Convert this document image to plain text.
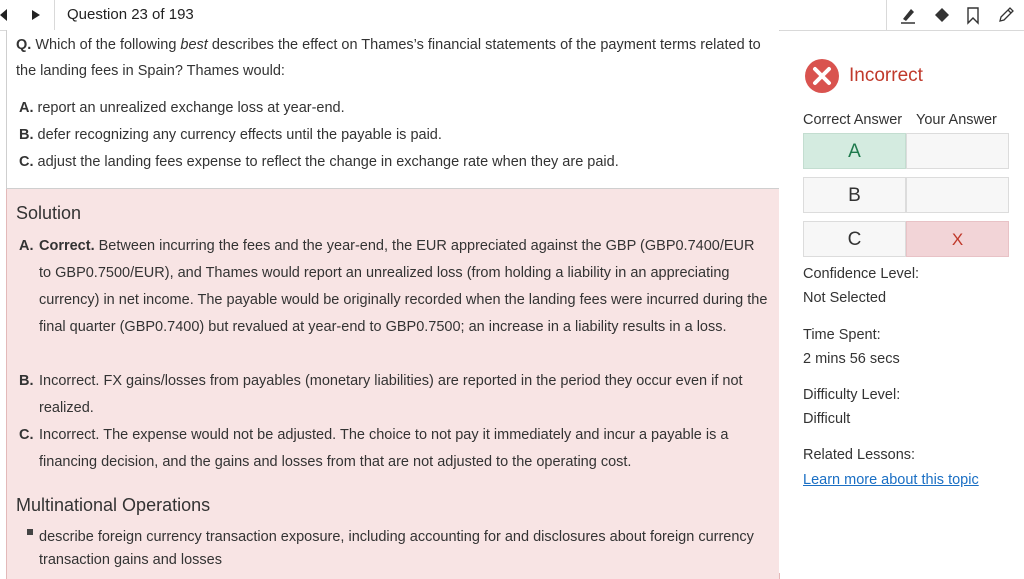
Question 23 of 193
Q. Which of the following best describes the effect on Thames’s financial statements of the payment terms related to the landing fees in Spain? Thames would:
A. report an unrealized exchange loss at year-end.
B. defer recognizing any currency effects until the payable is paid.
C. adjust the landing fees expense to reflect the change in exchange rate when they are paid.
Solution
A. Correct. Between incurring the fees and the year-end, the EUR appreciated against the GBP (GBP0.7400/EUR to GBP0.7500/EUR), and Thames would report an unrealized loss (from holding a liability in an appreciating currency) in net income. The payable would be originally recorded when the landing fees were incurred during the final quarter (GBP0.7400) but revalued at year-end to GBP0.7500; an increase in a liability results in a loss.
B. Incorrect. FX gains/losses from payables (monetary liabilities) are reported in the period they occur even if not realized.
C. Incorrect. The expense would not be adjusted. The choice to not pay it immediately and incur a payable is a financing decision, and the gains and losses from that are not adjusted to the operating cost.
Multinational Operations
describe foreign currency transaction exposure, including accounting for and disclosures about foreign currency transaction gains and losses
Incorrect
Correct Answer Your Answer
A
B
C	X
Confidence Level:
Not Selected
Time Spent:
2 mins 56 secs
Difficulty Level:
Difficult
Related Lessons:
Learn more about this topic
